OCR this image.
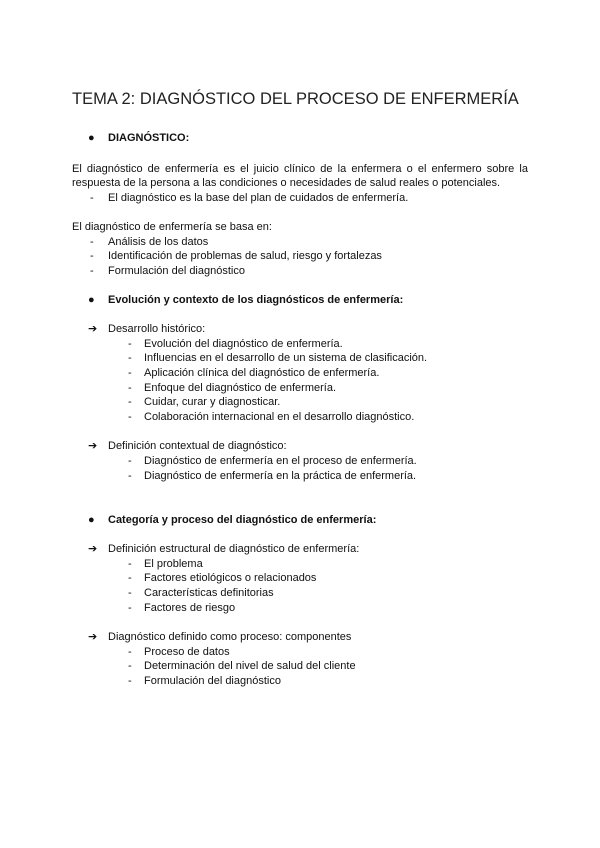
TEMA 2: DIAGNÓSTICO DEL PROCESO DE ENFERMERÍA
● DIAGNÓSTICO:
El diagnóstico de enfermería es el juicio clínico de la enfermera o el enfermero sobre la
respuesta de la persona a las condiciones o necesidades de salud reales o potenciales.
- El diagnóstico es la base del plan de cuidados de enfermería.
El diagnóstico de enfermería se basa en:
- Análisis de los datos
- Identificación de problemas de salud, riesgo y fortalezas
- Formulación del diagnóstico
● Evolución y contexto de los diagnósticos de enfermería:
➔ Desarrollo histórico:
- Evolución del diagnóstico de enfermería.
- Influencias en el desarrollo de un sistema de clasificación.
- Aplicación clínica del diagnóstico de enfermería.
- Enfoque del diagnóstico de enfermería.
- Cuidar, curar y diagnosticar.
- Colaboración internacional en el desarrollo diagnóstico.
➔ Definición contextual de diagnóstico:
- Diagnóstico de enfermería en el proceso de enfermería.
- Diagnóstico de enfermería en la práctica de enfermería.
● Categoría y proceso del diagnóstico de enfermería:
➔ Definición estructural de diagnóstico de enfermería:
- El problema
- Factores etiológicos o relacionados
- Características definitorias
- Factores de riesgo
➔ Diagnóstico definido como proceso: componentes
- Proceso de datos
- Determinación del nivel de salud del cliente
- Formulación del diagnóstico
